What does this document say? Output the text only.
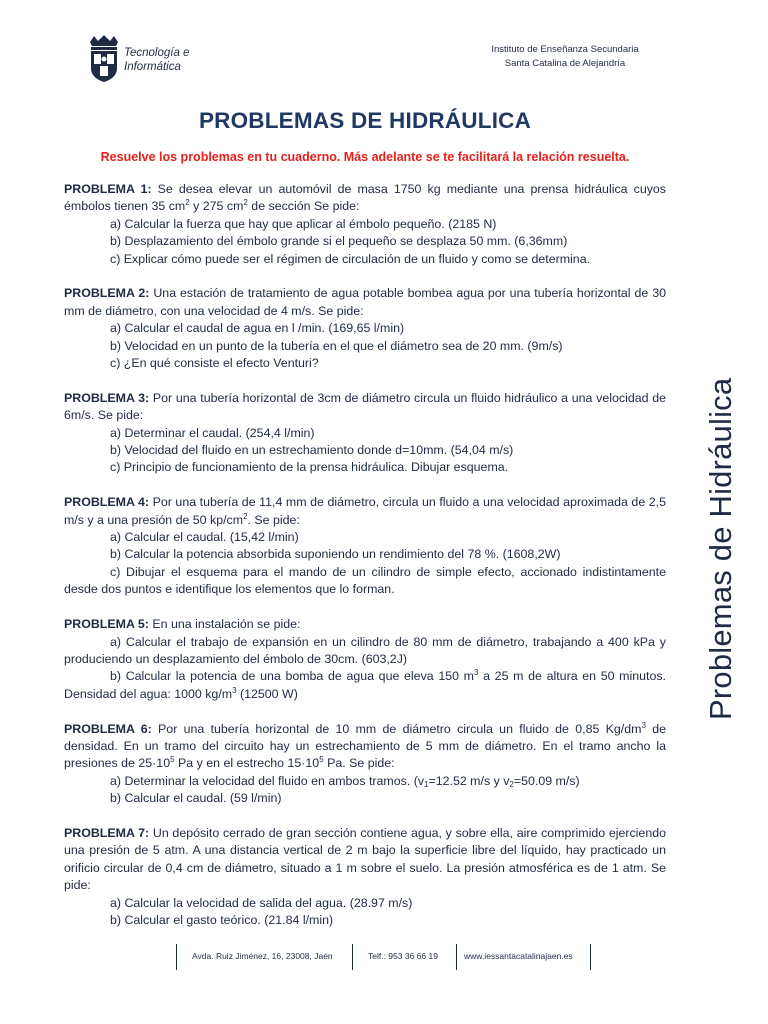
Tecnología e
Informática
Instituto de Enseñanza Secundaria
Santa Catalina de Alejandría
PROBLEMAS DE HIDRÁULICA
Resuelve los problemas en tu cuaderno. Más adelante se te facilitará la relación resuelta.

PROBLEMA 1: Se desea elevar un automóvil de masa 1750 kg mediante una prensa hidráulica cuyos émbolos tienen 35 $cm^2$ y 275 $cm^2$ de sección Se pide:

a) Calcular la fuerza que hay que aplicar al émbolo pequeño. (2185 N)

b) Desplazamiento del émbolo grande si el pequeño se desplaza 50 mm. (6,36mm)

c) Explicar cómo puede ser el régimen de circulación de un fluido y como se determina.

PROBLEMA 2: Una estación de tratamiento de agua potable bombea agua por una tubería horizontal de 30 mm de diámetro, con una velocidad de 4 m/s. Se pide:

a) Calcular el caudal de agua en l /min. (169,65 l/min)

b) Velocidad en un punto de la tubería en el que el diámetro sea de 20 mm. (9m/s)

c) ¿En qué consiste el efecto Venturi?

PROBLEMA 3: Por una tubería horizontal de 3cm de diámetro circula un fluido hidráulico a una velocidad de 6m/s. Se pide:

a) Determinar el caudal. (254,4 l/min)

b) Velocidad del fluido en un estrechamiento donde d=10mm. (54,04 m/s)

c) Principio de funcionamiento de la prensa hidráulica. Dibujar esquema.

PROBLEMA 4: Por una tubería de 11,4 mm de diámetro, circula un fluido a una velocidad aproximada de 2,5 m/s y a una presión de 50 $kp/cm^2$. Se pide:

a) Calcular el caudal. (15,42 l/min)

b) Calcular la potencia absorbida suponiendo un rendimiento del 78 %. (1608,2W)

c) Dibujar el esquema para el mando de un cilindro de simple efecto, accionado indistintamente desde dos puntos e identifique los elementos que lo forman.

PROBLEMA 5: En una instalación se pide:

a) Calcular el trabajo de expansión en un cilindro de 80 mm de diámetro, trabajando a 400 kPa y produciendo un desplazamiento del émbolo de 30cm. (603,2J)

b) Calcular la potencia de una bomba de agua que eleva 150 $m^3$ a 25 m de altura en 50 minutos. Densidad del agua: 1000 $kg/m^3$ (12500 W)

PROBLEMA 6: Por una tubería horizontal de 10 mm de diámetro circula un fluido de 0,85 $Kg/dm^3$ de densidad. En un tramo del circuito hay un estrechamiento de 5 mm de diámetro. En el tramo ancho la presiones de $25\cdot 10^5$ Pa y en el estrecho $15\cdot 10^5$ Pa. Se pide:

a) Determinar la velocidad del fluido en ambos tramos. ($v_1=12.52$ m/s y $v_2=50.09$ m/s)

b) Calcular el caudal. (59 l/min)

PROBLEMA 7: Un depósito cerrado de gran sección contiene agua, y sobre ella, aire comprimido ejerciendo una presión de 5 atm. A una distancia vertical de 2 m bajo la superficie libre del líquido, hay practicado un orificio circular de 0,4 cm de diámetro, situado a 1 m sobre el suelo. La presión atmosférica es de 1 atm. Se pide:

a) Calcular la velocidad de salida del agua. (28.97 m/s)

b) Calcular el gasto teórico. (21.84 l/min)

Problemas de Hidráulica
Avda. Ruiz Jiménez, 16, 23008, Jaén	Telf.: 953 36 66 19	www.iessantacatalinajaen.es
